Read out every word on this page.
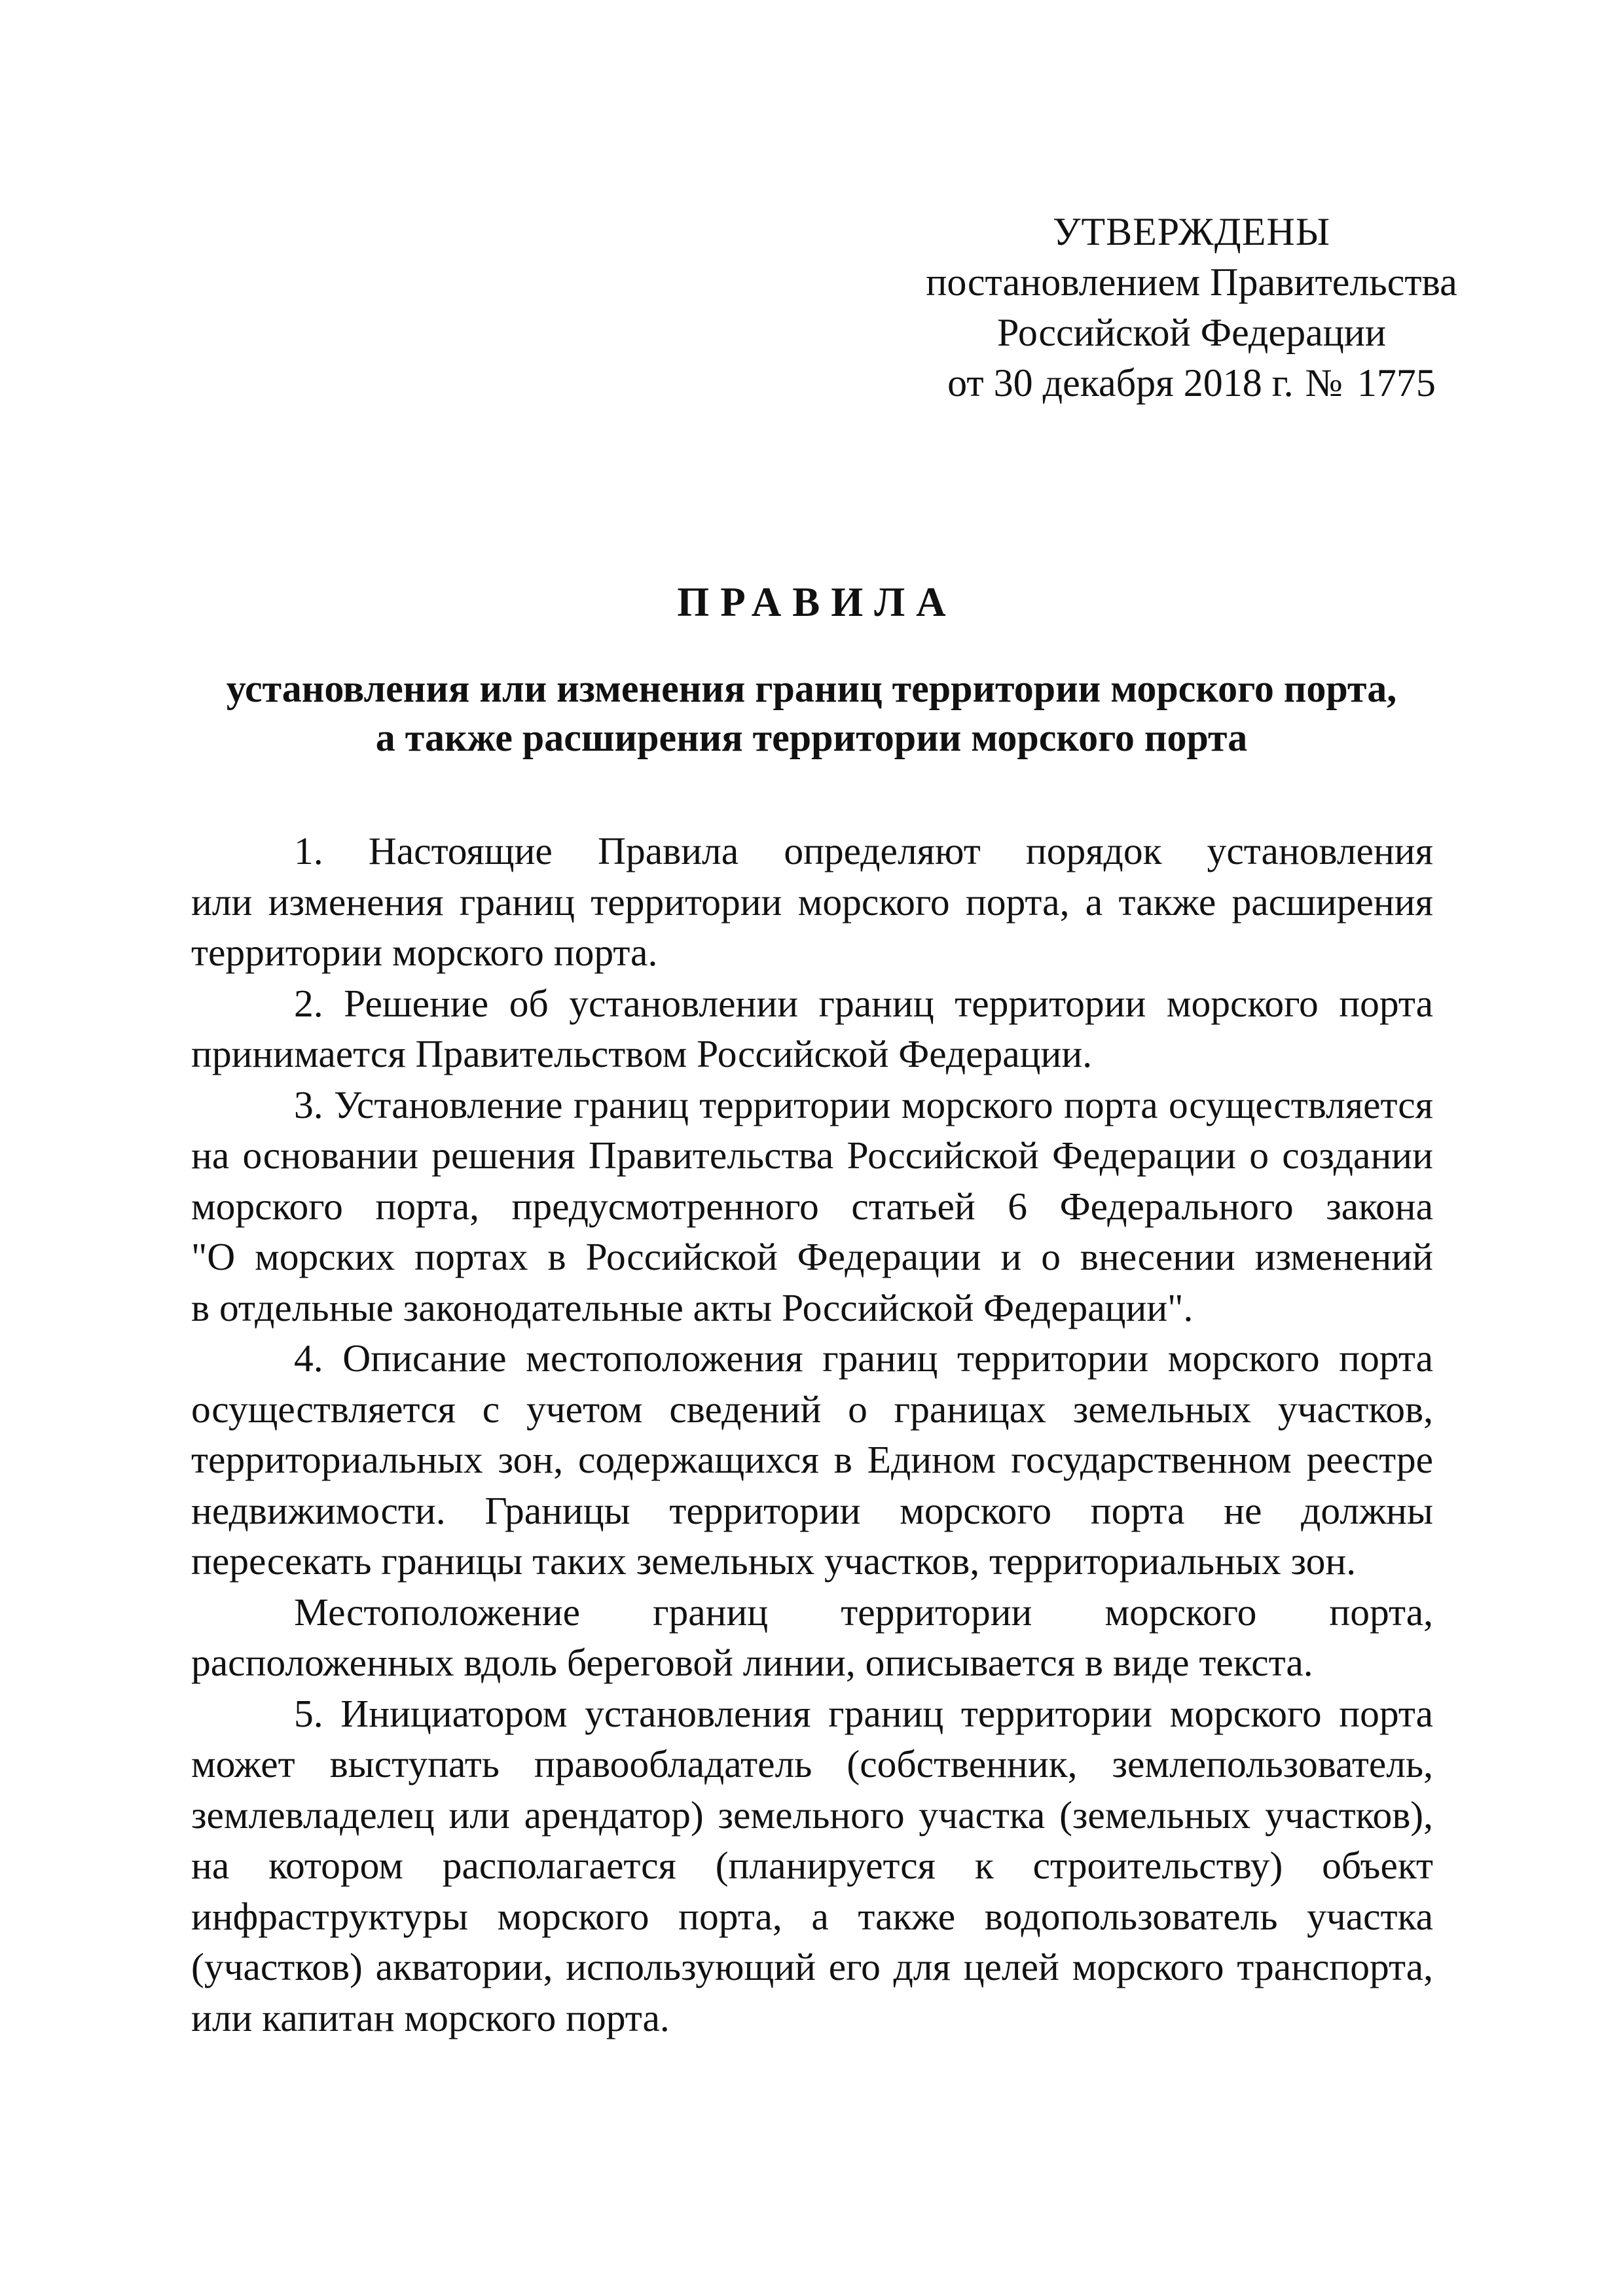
УТВЕРЖДЕНЫ
постановлением Правительства
Российской Федерации
от 30 декабря 2018 г. № 1775
ПРАВИЛА
установления или изменения границ территории морского порта,
а также расширения территории морского порта

1. Настоящие Правила определяют порядок установления
или изменения границ территории морского порта, а также расширения
территории морского порта.

2. Решение об установлении границ территории морского порта
принимается Правительством Российской Федерации.

3. Установление границ территории морского порта осуществляется
на основании решения Правительства Российской Федерации о создании
морского порта, предусмотренного статьей 6 Федерального закона
"О морских портах в Российской Федерации и о внесении изменений
в отдельные законодательные акты Российской Федерации".

4. Описание местоположения границ территории морского порта
осуществляется с учетом сведений о границах земельных участков,
территориальных зон, содержащихся в Едином государственном реестре
недвижимости. Границы территории морского порта не должны
пересекать границы таких земельных участков, территориальных зон.

Местоположение границ территории морского порта,
расположенных вдоль береговой линии, описывается в виде текста.

5. Инициатором установления границ территории морского порта
может выступать правообладатель (собственник, землепользователь,
землевладелец или арендатор) земельного участка (земельных участков),
на котором располагается (планируется к строительству) объект
инфраструктуры морского порта, а также водопользователь участка
(участков) акватории, использующий его для целей морского транспорта,
или капитан морского порта.
